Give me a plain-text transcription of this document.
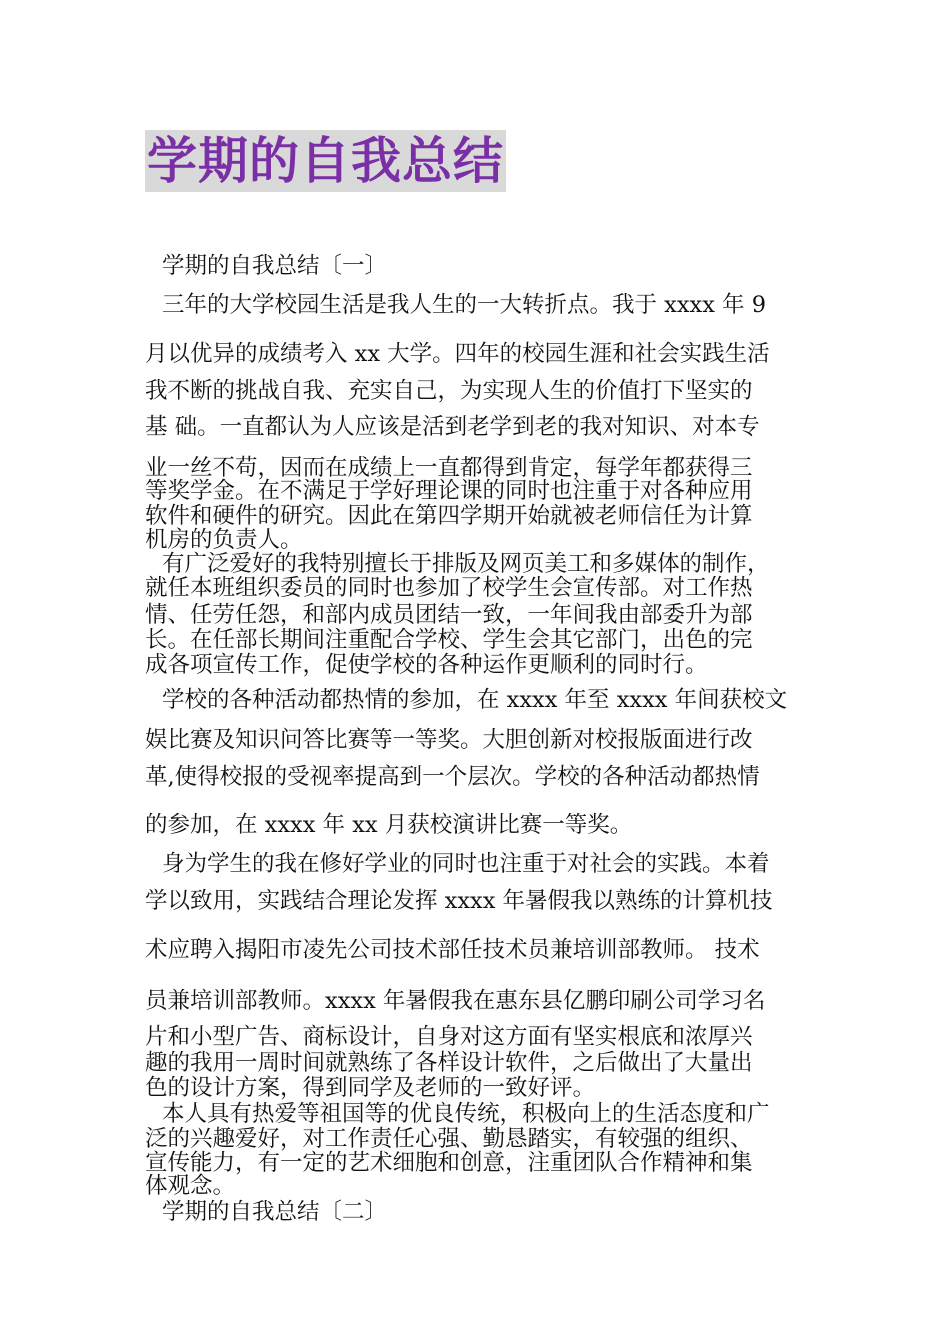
学期的自我总结
学期的自我总结〔一〕
三年的大学校园生活是我人生的一大转折点。我于 xxxx 年 9
月以优异的成绩考入 xx 大学。四年的校园生涯和社会实践生活
我不断的挑战自我、充实自己，为实现人生的价值打下坚实的
基 础。一直都认为人应该是活到老学到老的我对知识、对本专
业一丝不苟，因而在成绩上一直都得到肯定，每学年都获得三
等奖学金。在不满足于学好理论课的同时也注重于对各种应用
软件和硬件的研究。因此在第四学期开始就被老师信任为计算
机房的负责人。
有广泛爱好的我特别擅长于排版及网页美工和多媒体的制作，
就任本班组织委员的同时也参加了校学生会宣传部。对工作热
情、任劳任怨，和部内成员团结一致，一年间我由部委升为部
长。在任部长期间注重配合学校、学生会其它部门，出色的完
成各项宣传工作，促使学校的各种运作更顺利的同时行。
学校的各种活动都热情的参加，在 xxxx 年至 xxxx 年间获校文
娱比赛及知识问答比赛等一等奖。大胆创新对校报版面进行改
革,使得校报的受视率提高到一个层次。学校的各种活动都热情
的参加，在 xxxx 年 xx 月获校演讲比赛一等奖。
身为学生的我在修好学业的同时也注重于对社会的实践。本着
学以致用，实践结合理论发挥 xxxx 年暑假我以熟练的计算机技
术应聘入揭阳市凌先公司技术部任技术员兼培训部教师。 技术
员兼培训部教师。xxxx 年暑假我在惠东县亿鹏印刷公司学习名
片和小型广告、商标设计，自身对这方面有坚实根底和浓厚兴
趣的我用一周时间就熟练了各样设计软件，之后做出了大量出
色的设计方案，得到同学及老师的一致好评。
本人具有热爱等祖国等的优良传统，积极向上的生活态度和广
泛的兴趣爱好，对工作责任心强、勤恳踏实，有较强的组织、
宣传能力，有一定的艺术细胞和创意，注重团队合作精神和集
体观念。
学期的自我总结〔二〕
